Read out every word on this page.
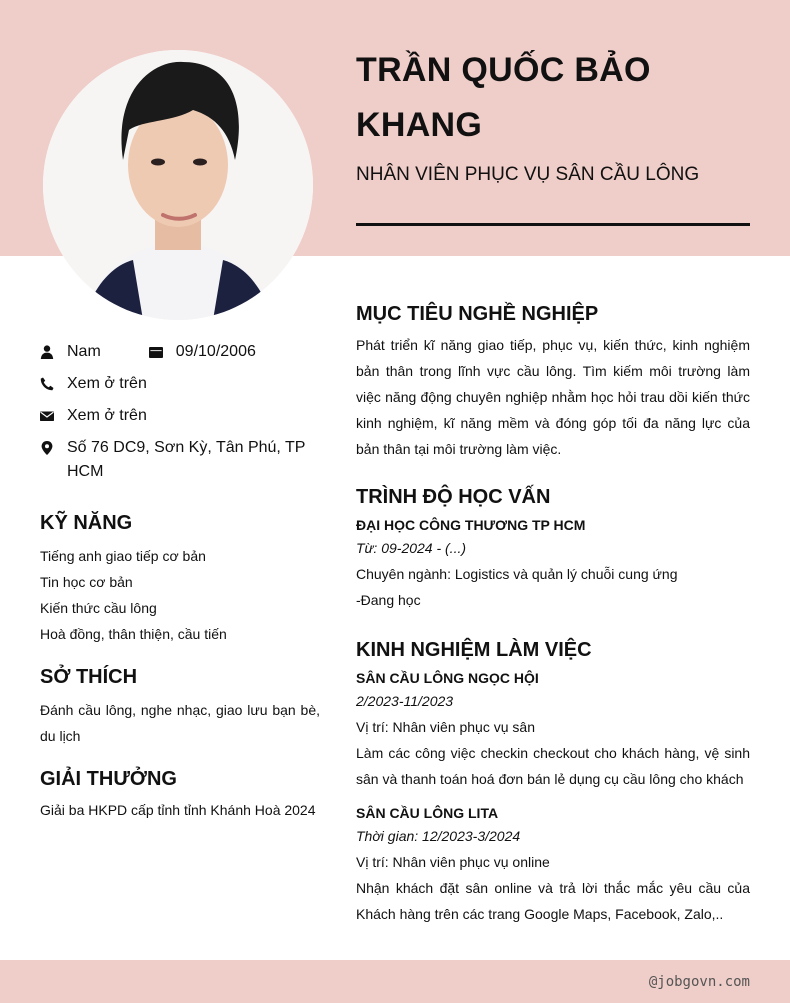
TRẦN QUỐC BẢO KHANG
NHÂN VIÊN PHỤC VỤ SÂN CẦU LÔNG
Nam	09/10/2006
Xem ở trên
Xem ở trên
Số 76 DC9, Sơn Kỳ, Tân Phú, TP HCM
KỸ NĂNG
Tiếng anh giao tiếp cơ bản
Tin học cơ bản
Kiến thức cầu lông
Hoà đồng, thân thiện, cầu tiến
SỞ THÍCH
Đánh cầu lông, nghe nhạc, giao lưu bạn bè, du lịch
GIẢI THƯỞNG
Giải ba HKPD cấp tỉnh tỉnh Khánh Hoà 2024
MỤC TIÊU NGHỀ NGHIỆP
Phát triển kĩ năng giao tiếp, phục vụ, kiến thức, kinh nghiệm bản thân trong lĩnh vực cầu lông. Tìm kiếm môi trường làm việc năng động chuyên nghiệp nhằm học hỏi trau dồi kiến thức kinh nghiệm, kĩ năng mềm và đóng góp tối đa năng lực của bản thân tại môi trường làm việc.
TRÌNH ĐỘ HỌC VẤN
ĐẠI HỌC CÔNG THƯƠNG TP HCM
Từ: 09-2024 - (...)
Chuyên ngành: Logistics và quản lý chuỗi cung ứng
-Đang học
KINH NGHIỆM LÀM VIỆC
SÂN CẦU LÔNG NGỌC HỘI
2/2023-11/2023
Vị trí: Nhân viên phục vụ sân
Làm các công việc checkin checkout cho khách hàng, vệ sinh sân và thanh toán hoá đơn bán lẻ dụng cụ cầu lông cho khách
SÂN CẦU LÔNG LITA
Thời gian: 12/2023-3/2024
Vị trí: Nhân viên phục vụ online
Nhận khách đặt sân online và trả lời thắc mắc yêu cầu của Khách hàng trên các trang Google Maps, Facebook, Zalo,..
@jobgovn.com
